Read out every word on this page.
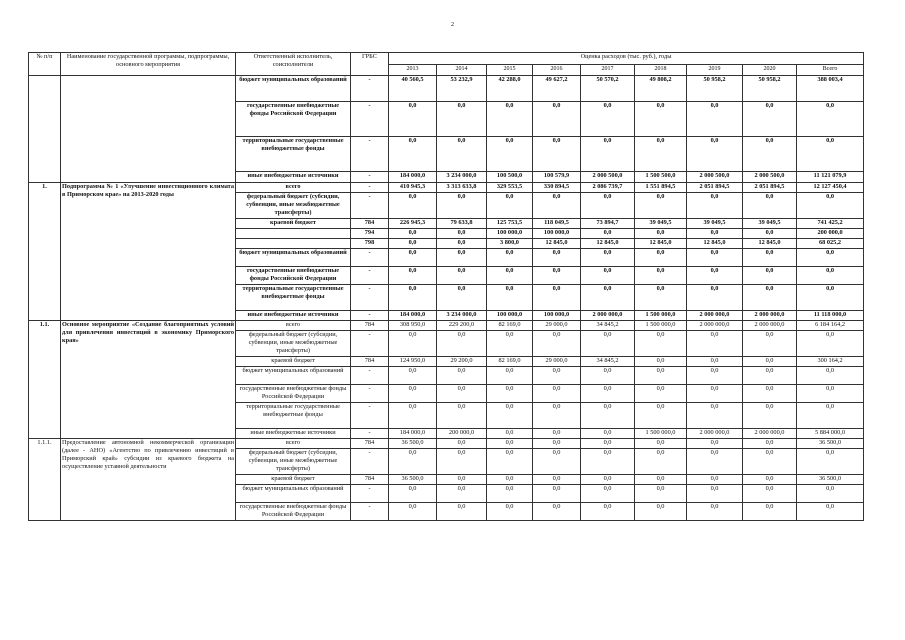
2
№ п/п	Наименование государственной программы, подпрограммы, основного мероприятия	Ответственный исполнитель, соисполнители	ГРБС	Оценка расходов (тыс. руб.), годы								
				2013	2014	2015	2016	2017	2018	2019	2020	Всего
		бюджет муниципальных образований	-	40 560,5	53 232,9	42 288,0	49 627,2	50 570,2	49 808,2	50 958,2	50 958,2	388 003,4
		государственные внебюджетные фонды Российской Федерации	-	0,0	0,0	0,0	0,0	0,0	0,0	0,0	0,0	0,0
		территориальные государственные внебюджетные фонды	-	0,0	0,0	0,0	0,0	0,0	0,0	0,0	0,0	0,0
		иные внебюджетные источники	-	184 000,0	3 234 000,0	100 500,0	100 579,9	2 000 500,0	1 500 500,0	2 000 500,0	2 000 500,0	11 121 079,9
1.	Подпрограмма № 1 «Улучшение инвестиционного климата в Приморском крае» на 2013-2020 годы	всего	-	410 945,3	3 313 633,8	329 553,5	330 894,5	2 086 739,7	1 551 894,5	2 051 894,5	2 051 894,5	12 127 450,4
		федеральный бюджет (субсидии, субвенции, иные межбюджетные трансферты)	-	0,0	0,0	0,0	0,0	0,0	0,0	0,0	0,0	0,0
		краевой бюджет	784	226 945,3	79 633,8	125 753,5	118 049,5	73 894,7	39 049,5	39 049,5	39 049,5	741 425,2
			794	0,0	0,0	100 000,0	100 000,0	0,0	0,0	0,0	0,0	200 000,0
			798	0,0	0,0	3 800,0	12 845,0	12 845,0	12 845,0	12 845,0	12 845,0	68 025,2
		бюджет муниципальных образований	-	0,0	0,0	0,0	0,0	0,0	0,0	0,0	0,0	0,0
		государственные внебюджетные фонды Российской Федерации	-	0,0	0,0	0,0	0,0	0,0	0,0	0,0	0,0	0,0
		территориальные государственные внебюджетные фонды	-	0,0	0,0	0,0	0,0	0,0	0,0	0,0	0,0	0,0
		иные внебюджетные источники	-	184 000,0	3 234 000,0	100 000,0	100 000,0	2 000 000,0	1 500 000,0	2 000 000,0	2 000 000,0	11 118 000,0
1.1.	Основное мероприятие «Создание благоприятных условий для привлечения инвестиций в экономику Приморского края»	всего	784	308 950,0	229 200,0	82 169,0	29 000,0	34 845,2	1 500 000,0	2 000 000,0	2 000 000,0	6 184 164,2
		федеральный бюджет (субсидии, субвенции, иные межбюджетные трансферты)	-	0,0	0,0	0,0	0,0	0,0	0,0	0,0	0,0	0,0
		краевой бюджет	784	124 950,0	29 200,0	82 169,0	29 000,0	34 845,2	0,0	0,0	0,0	300 164,2
		бюджет муниципальных образований	-	0,0	0,0	0,0	0,0	0,0	0,0	0,0	0,0	0,0
		государственные внебюджетные фонды Российской Федерации	-	0,0	0,0	0,0	0,0	0,0	0,0	0,0	0,0	0,0
		территориальные государственные внебюджетные фонды	-	0,0	0,0	0,0	0,0	0,0	0,0	0,0	0,0	0,0
		иные внебюджетные источники	-	184 000,0	200 000,0	0,0	0,0	0,0	1 500 000,0	2 000 000,0	2 000 000,0	5 884 000,0
1.1.1.	Предоставление автономной некоммерческой организации (далее - АНО) «Агентство по привлечению инвестиций в Приморский край» субсидии из краевого бюджета на осуществление уставной деятельности	всего	784	36 500,0	0,0	0,0	0,0	0,0	0,0	0,0	0,0	36 500,0
		федеральный бюджет (субсидии, субвенции, иные межбюджетные трансферты)	-	0,0	0,0	0,0	0,0	0,0	0,0	0,0	0,0	0,0
		краевой бюджет	784	36 500,0	0,0	0,0	0,0	0,0	0,0	0,0	0,0	36 500,0
		бюджет муниципальных образований	-	0,0	0,0	0,0	0,0	0,0	0,0	0,0	0,0	0,0
		государственные внебюджетные фонды Российской Федерации	-	0,0	0,0	0,0	0,0	0,0	0,0	0,0	0,0	0,0
